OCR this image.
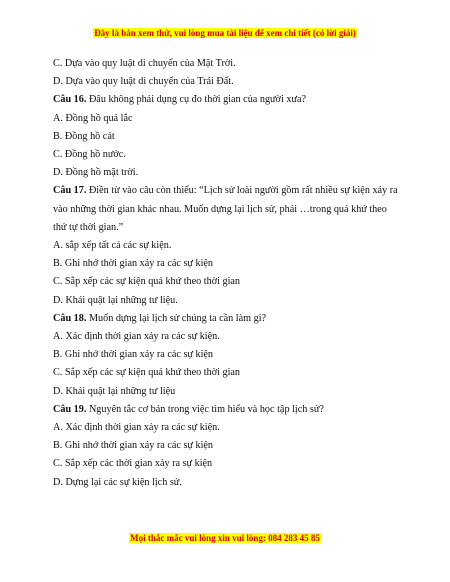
Đây là bản xem thử, vui lòng mua tài liệu để xem chi tiết (có lời giải)
C. Dựa vào quy luật di chuyển của Mặt Trời.
D. Dựa vào quy luật di chuyển của Trái Đất.
Câu 16. Đâu không phải dụng cụ đo thời gian của người xưa?
A. Đồng hồ quả lắc
B. Đồng hồ cát
C. Đồng hồ nước.
D. Đồng hồ mặt trời.
Câu 17. Điền từ vào câu còn thiếu: “Lịch sử loài người gồm rất nhiều sự kiện xảy ra vào những thời gian khác nhau. Muốn dựng lại lịch sử, phải …trong quá khứ theo thứ tự thời gian.”
A. sắp xếp tất cả các sự kiện.
B. Ghi nhớ thời gian xảy ra các sự kiện
C. Sắp xếp các sự kiện quá khứ theo thời gian
D. Khái quật lại những tư liệu.
Câu 18. Muốn dựng lại lịch sử chúng ta cần làm gì?
A. Xác định thời gian xảy ra các sự kiện.
B. Ghi nhớ thời gian xảy ra các sự kiện
C. Sắp xếp các sự kiện quá khứ theo thời gian
D. Khái quật lại những tư liệu
Câu 19. Nguyên tắc cơ bản trong việc tìm hiểu và học tập lịch sử?
A. Xác định thời gian xảy ra các sự kiện.
B. Ghi nhớ thời gian xảy ra các sự kiện
C. Sắp xếp các thời gian xảy ra sự kiện
D. Dựng lại các sự kiện lịch sử.
Mọi thắc mắc vui lòng xin vui lòng: 084 283 45 85
